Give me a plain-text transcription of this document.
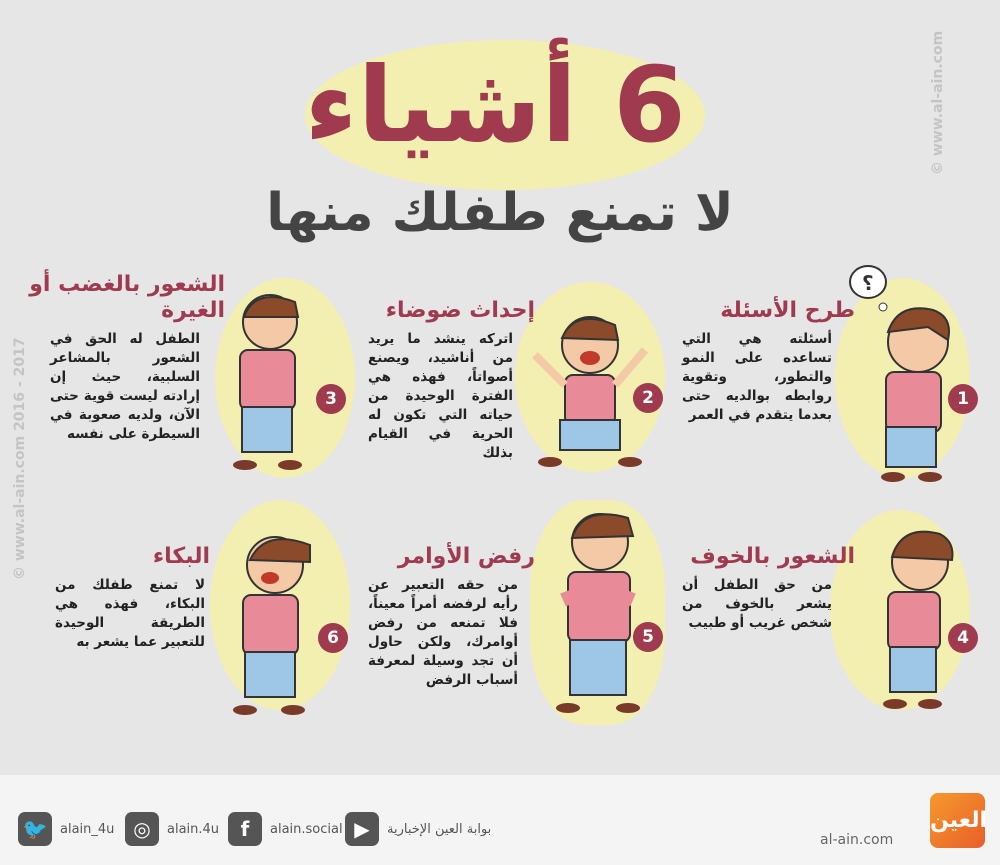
6 أشياء
لا تمنع طفلك منها
© www.al-ain.com
© www.al-ain.com 2016 - 2017
؟
1
طرح الأسئلة
أسئلته هي التي تساعده على النمو والتطور، وتقوية روابطه بوالديه حتى بعدما يتقدم في العمر
2
إحداث ضوضاء
اتركه ينشد ما يريد من أناشيد، ويصنع أصواتاً، فهذه هي الفترة الوحيدة من حياته التي تكون له الحرية في القيام بذلك
3
الشعور بالغضب أو الغيرة
الطفل له الحق في الشعور بالمشاعر السلبية، حيث إن إرادته ليست قوية حتى الآن، ولديه صعوبة في السيطرة على نفسه
4
الشعور بالخوف
من حق الطفل أن يشعر بالخوف من شخص غريب أو طبيب
5
رفض الأوامر
من حقه التعبير عن رأيه لرفضه أمراً معيناً، فلا تمنعه من رفض أوامرك، ولكن حاول أن تجد وسيلة لمعرفة أسباب الرفض
6
البكاء
لا تمنع طفلك من البكاء، فهذه هي الطريقة الوحيدة للتعبير عما يشعر به
🐦 alain_4u ◎	alain.4u	f	alain.social ▶	بوابة العين الإخبارية
al-ain.com
العين
